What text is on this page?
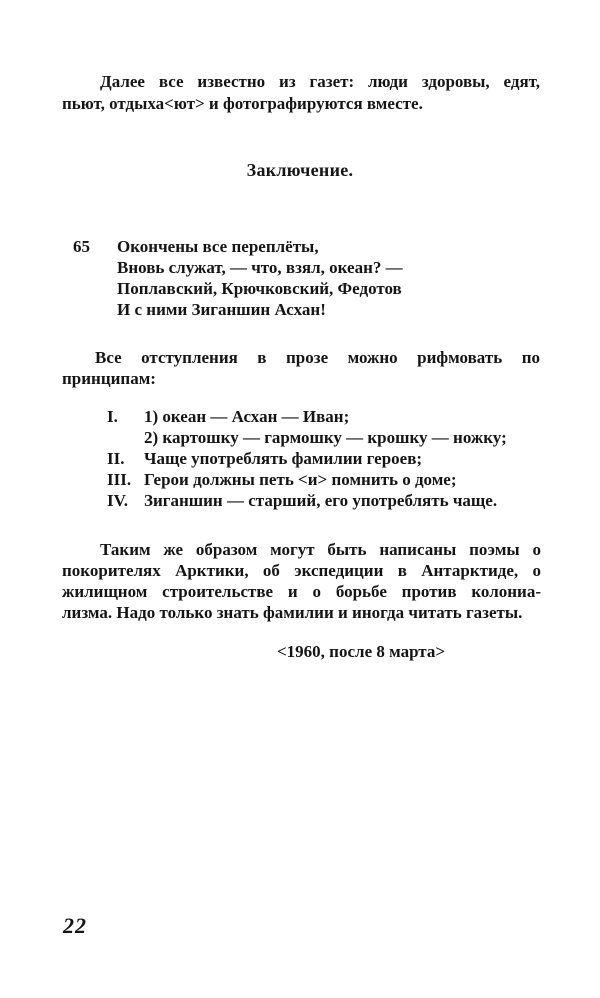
Далее все известно из газет: люди здоровы, едят,
пьют, отдыха<ют> и фотографируются вместе.
Заключение.
65 Окончены все переплёты,
Вновь служат, — что, взял, океан? —
Поплавский, Крючковский, Федотов
И с ними Зиганшин Асхан!
Все отступления в прозе можно рифмовать по
принципам:
I.	1) океан — Асхан — Иван;
2) картошку — гармошку — крошку — ножку;
II.	Чаще употреблять фамилии героев;
III. Герои должны петь <и> помнить о доме;
IV. Зиганшин — старший, его употреблять чаще.
Таким же образом могут быть написаны поэмы о
покорителях Арктики, об экспедиции в Антарктиде, о
жилищном строительстве и о борьбе против колониа-
лизма. Надо только знать фамилии и иногда читать газеты.
<1960, после 8 марта>
22
